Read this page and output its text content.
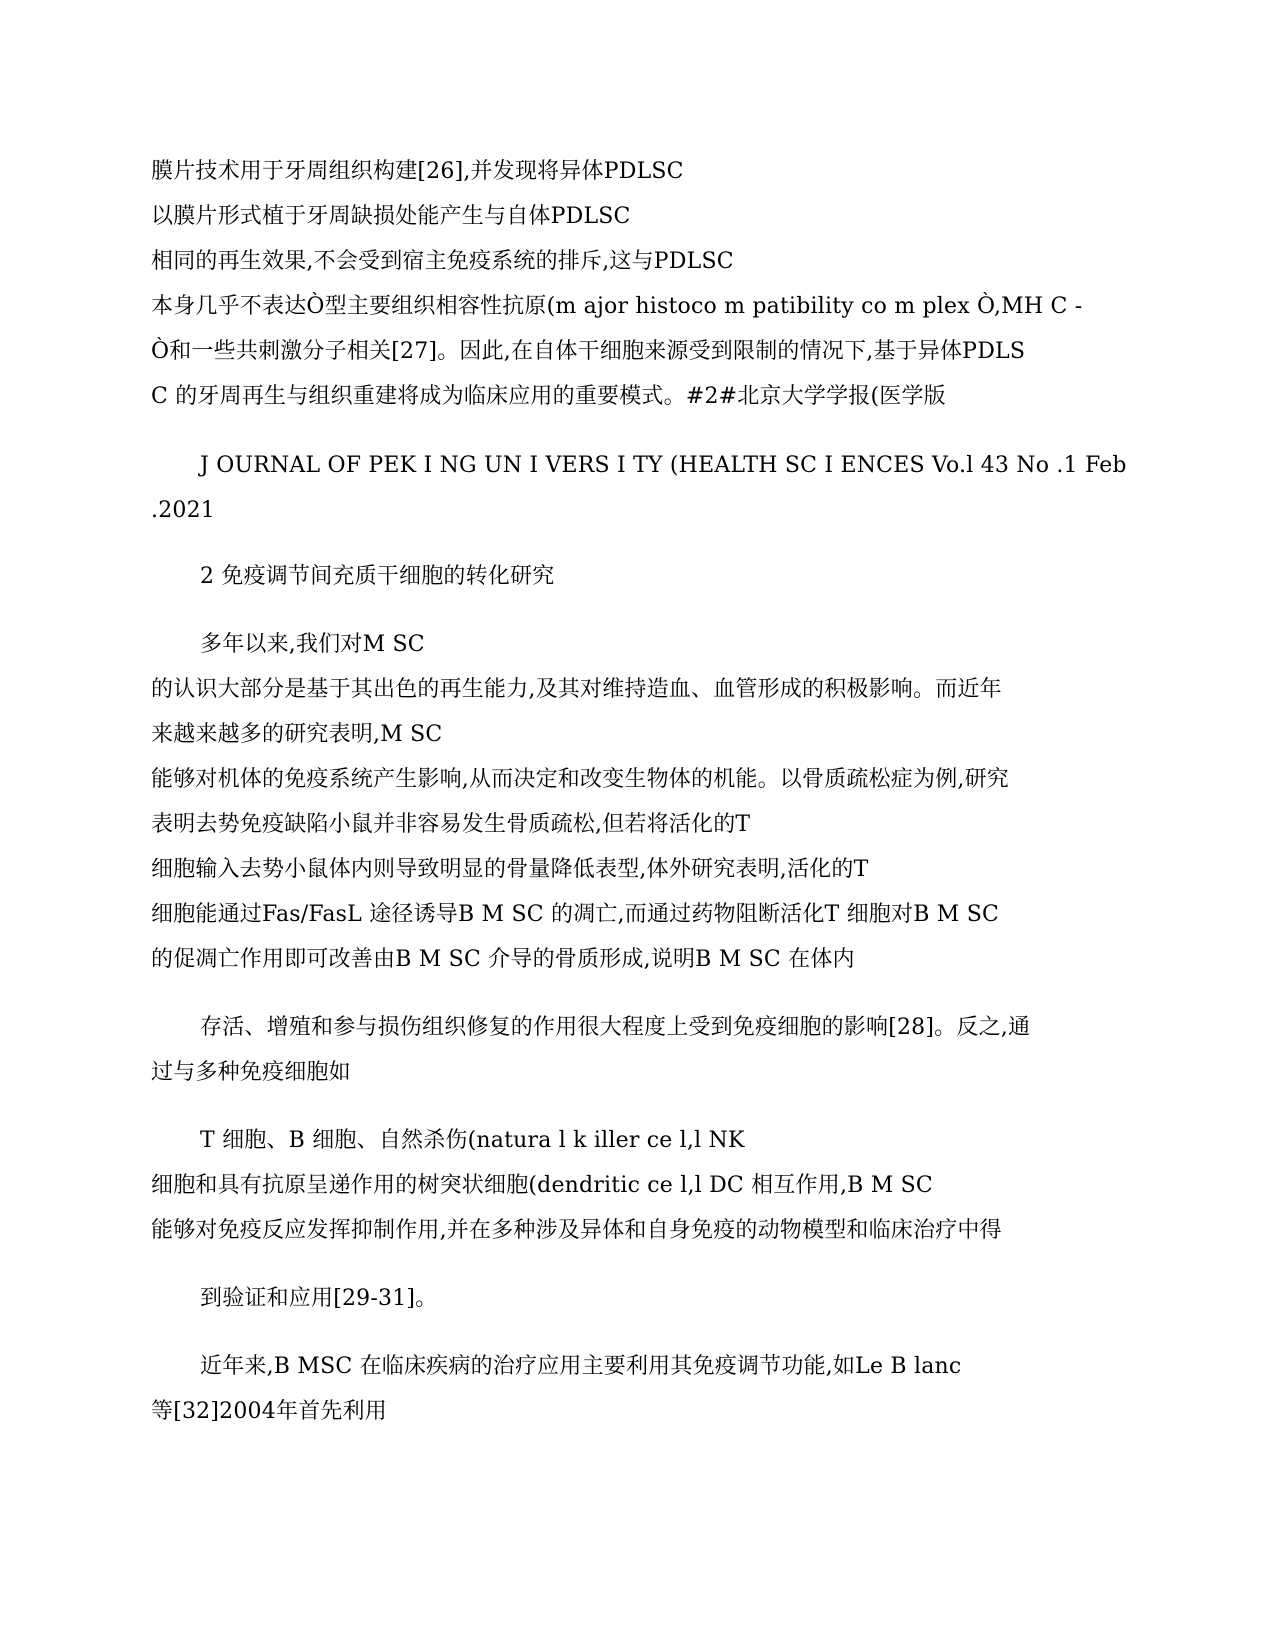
膜片技术用于牙周组织构建[26],并发现将异体PDLSC
以膜片形式植于牙周缺损处能产生与自体PDLSC
相同的再生效果,不会受到宿主免疫系统的排斥,这与PDLSC
本身几乎不表达Ò型主要组织相容性抗原(m ajor histoco m patibility co m plex Ò,MH C -
Ò和一些共刺激分子相关[27]。因此,在自体干细胞来源受到限制的情况下,基于异体PDLS
C 的牙周再生与组织重建将成为临床应用的重要模式。#2#北京大学学报(医学版
J OURNAL OF PEK I NG UN I VERS I TY (HEALTH SC I ENCES Vo.l 43 No .1 Feb
.2021
2 免疫调节间充质干细胞的转化研究
多年以来,我们对M SC
的认识大部分是基于其出色的再生能力,及其对维持造血、血管形成的积极影响。而近年
来越来越多的研究表明,M SC
能够对机体的免疫系统产生影响,从而决定和改变生物体的机能。以骨质疏松症为例,研究
表明去势免疫缺陷小鼠并非容易发生骨质疏松,但若将活化的T
细胞输入去势小鼠体内则导致明显的骨量降低表型,体外研究表明,活化的T
细胞能通过Fas/FasL 途径诱导B M SC 的凋亡,而通过药物阻断活化T 细胞对B M SC
的促凋亡作用即可改善由B M SC 介导的骨质形成,说明B M SC 在体内
存活、增殖和参与损伤组织修复的作用很大程度上受到免疫细胞的影响[28]。反之,通
过与多种免疫细胞如
T 细胞、B 细胞、自然杀伤(natura l k iller ce l,l NK
细胞和具有抗原呈递作用的树突状细胞(dendritic ce l,l DC 相互作用,B M SC
能够对免疫反应发挥抑制作用,并在多种涉及异体和自身免疫的动物模型和临床治疗中得
到验证和应用[29-31]。
近年来,B MSC 在临床疾病的治疗应用主要利用其免疫调节功能,如Le B lanc
等[32]2004年首先利用
